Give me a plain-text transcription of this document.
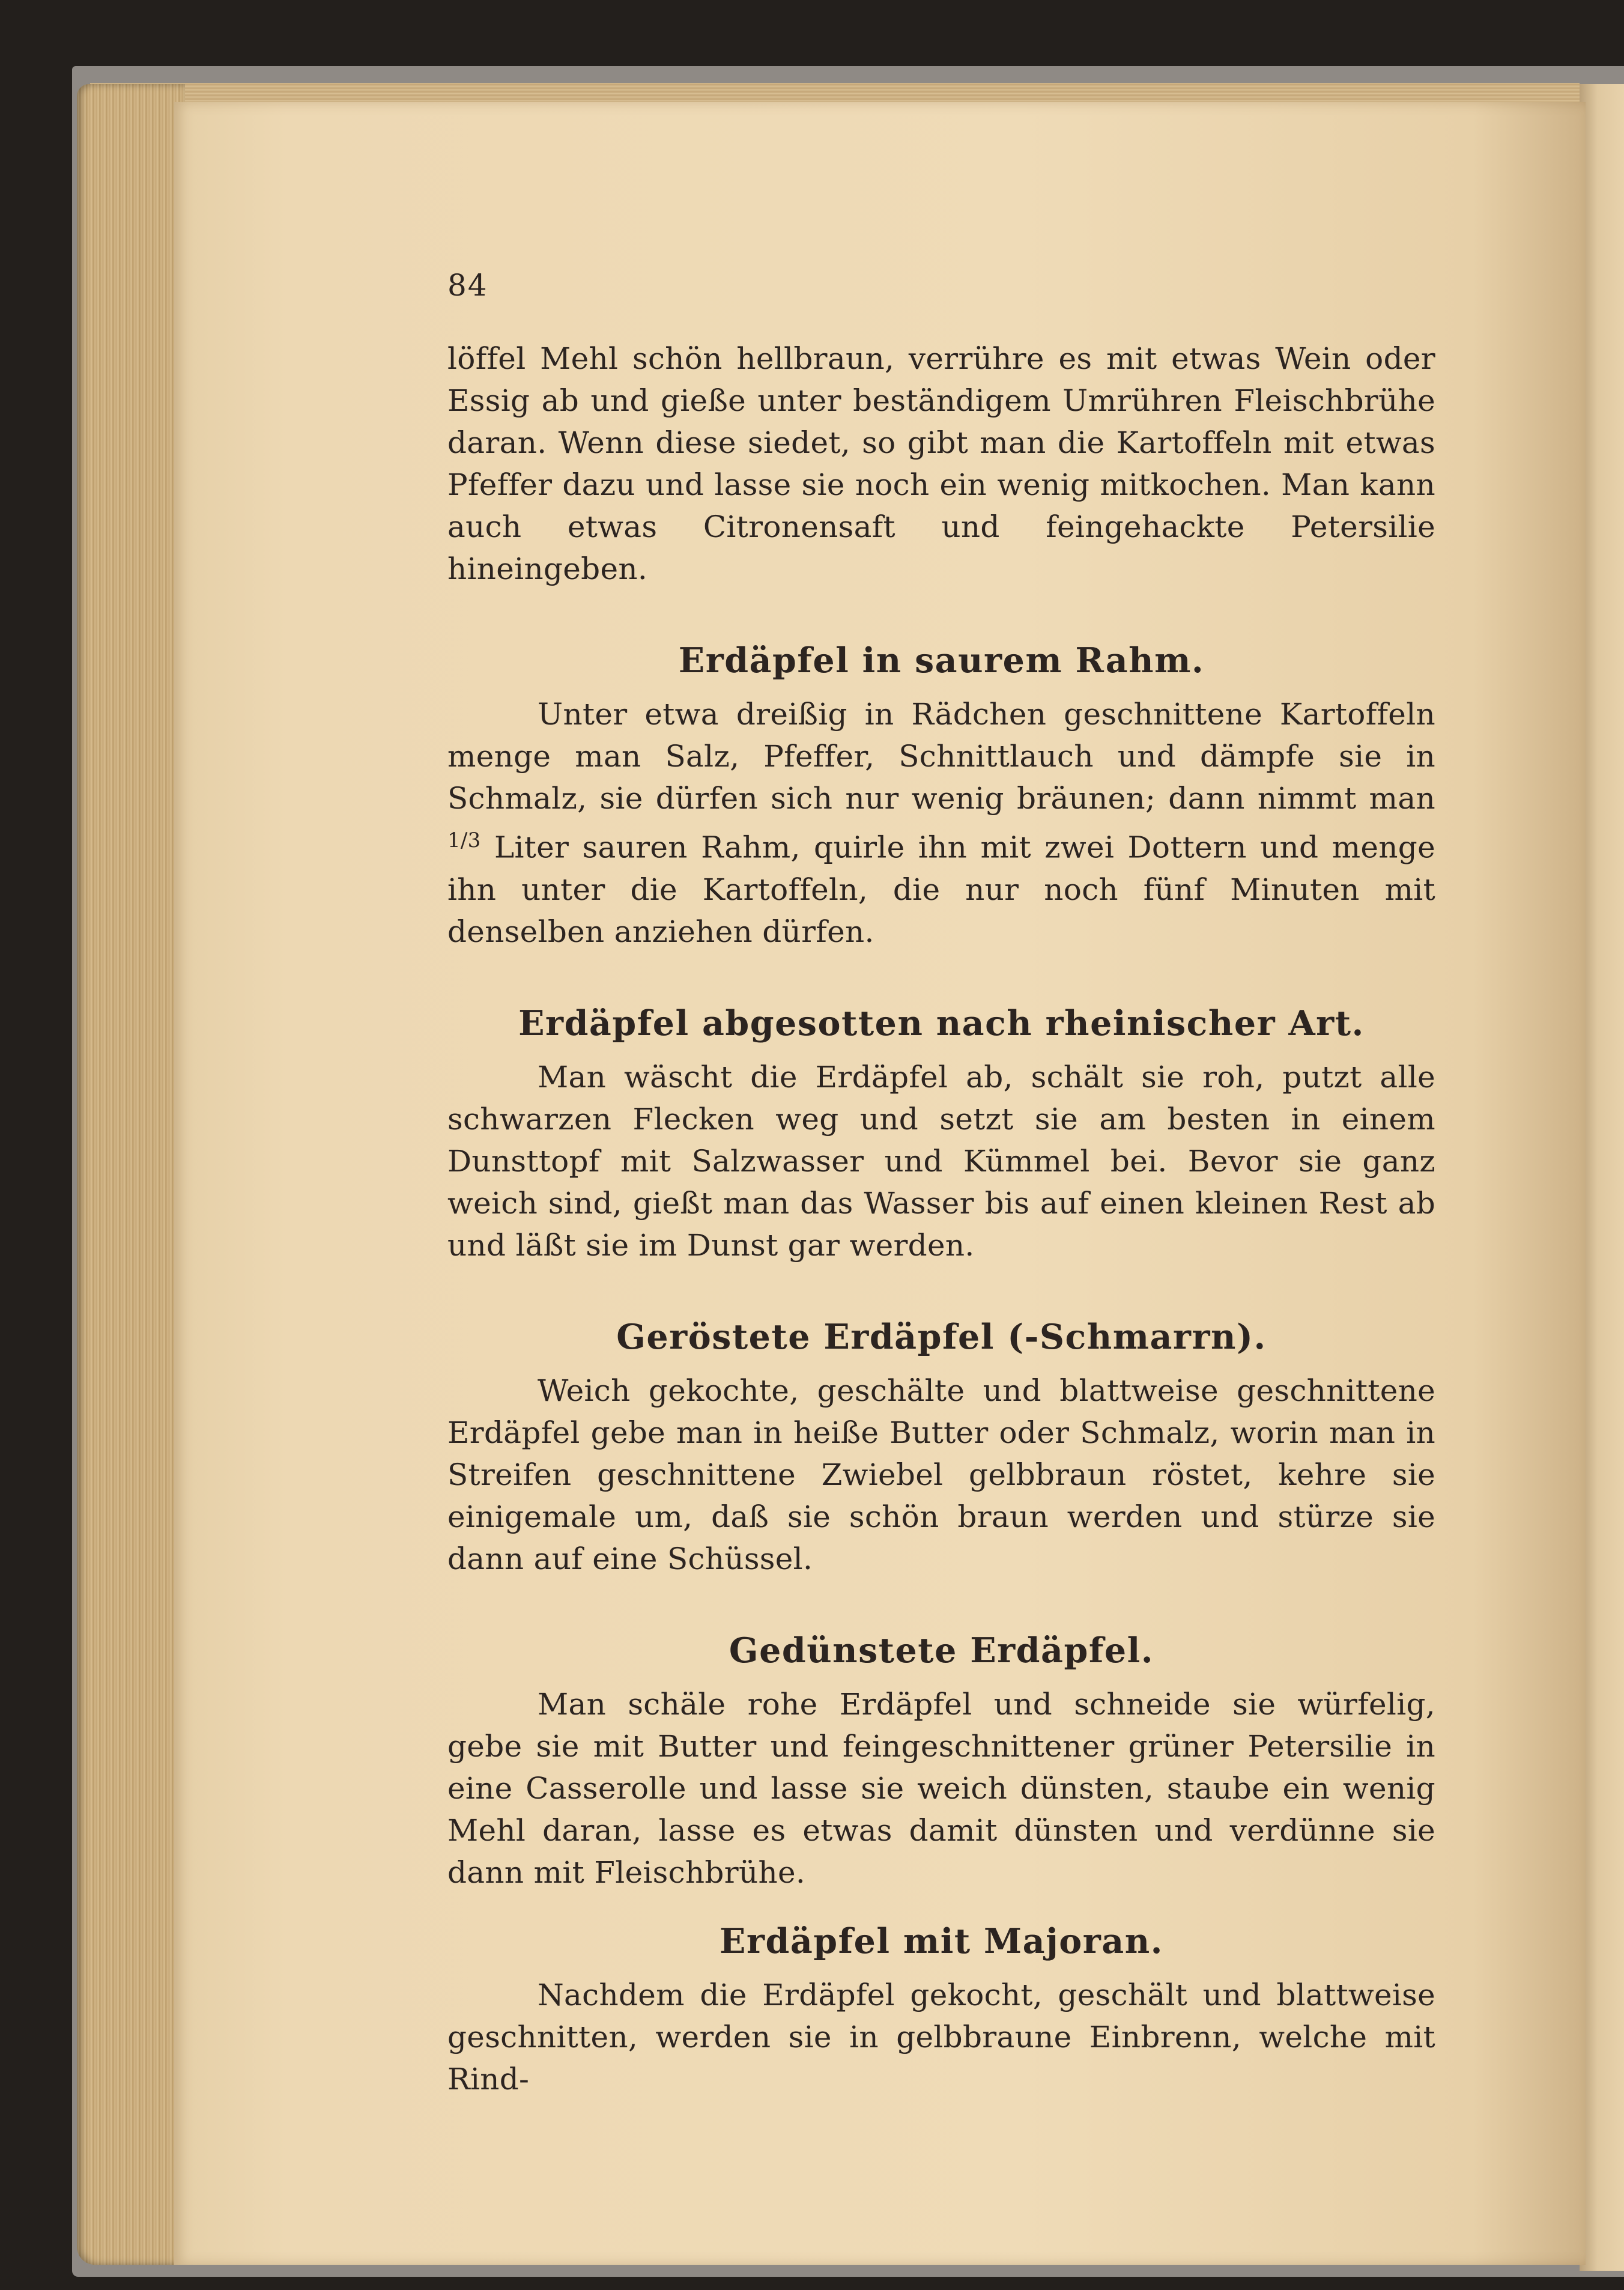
84

löffel Mehl schön hellbraun, verrühre es mit etwas Wein oder Essig ab und gieße unter beständigem Umrühren Fleischbrühe daran. Wenn diese siedet, so gibt man die Kartoffeln mit etwas Pfeffer dazu und lasse sie noch ein wenig mitkochen. Man kann auch etwas Citronensaft und feingehackte Petersilie hineingeben.

Erdäpfel in saurem Rahm.

Unter etwa dreißig in Rädchen geschnittene Kartoffeln menge man Salz, Pfeffer, Schnittlauch und dämpfe sie in Schmalz, sie dürfen sich nur wenig bräunen; dann nimmt man $^{1/3}$ Liter sauren Rahm, quirle ihn mit zwei Dottern und menge ihn unter die Kartoffeln, die nur noch fünf Minuten mit denselben anziehen dürfen.

Erdäpfel abgesotten nach rheinischer Art.

Man wäscht die Erdäpfel ab, schält sie roh, putzt alle schwarzen Flecken weg und setzt sie am besten in einem Dunsttopf mit Salzwasser und Kümmel bei. Bevor sie ganz weich sind, gießt man das Wasser bis auf einen kleinen Rest ab und läßt sie im Dunst gar werden.

Geröstete Erdäpfel (-Schmarrn).

Weich gekochte, geschälte und blattweise geschnittene Erdäpfel gebe man in heiße Butter oder Schmalz, worin man in Streifen geschnittene Zwiebel gelbbraun röstet, kehre sie einigemale um, daß sie schön braun werden und stürze sie dann auf eine Schüssel.

Gedünstete Erdäpfel.

Man schäle rohe Erdäpfel und schneide sie würfelig, gebe sie mit Butter und feingeschnittener grüner Petersilie in eine Casserolle und lasse sie weich dünsten, staube ein wenig Mehl daran, lasse es etwas damit dünsten und verdünne sie dann mit Fleischbrühe.

Erdäpfel mit Majoran.

Nachdem die Erdäpfel gekocht, geschält und blattweise geschnitten, werden sie in gelbbraune Einbrenn, welche mit Rind-
